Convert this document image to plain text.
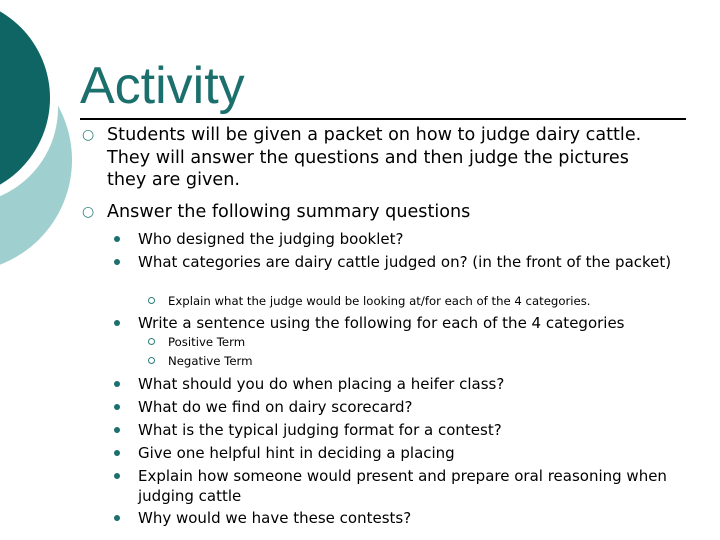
Activity
○ Students will be given a packet on how to judge dairy cattle. They will answer the questions and then judge the pictures they are given.
○ Answer the following summary questions
Who designed the judging booklet?
What categories are dairy cattle judged on? (in the front of the packet)
Explain what the judge would be looking at/for each of the 4 categories.
Write a sentence using the following for each of the 4 categories
Positive Term
Negative Term
What should you do when placing a heifer class?
What do we find on dairy scorecard?
What is the typical judging format for a contest?
Give one helpful hint in deciding a placing
Explain how someone would present and prepare oral reasoning when judging cattle
Why would we have these contests?
